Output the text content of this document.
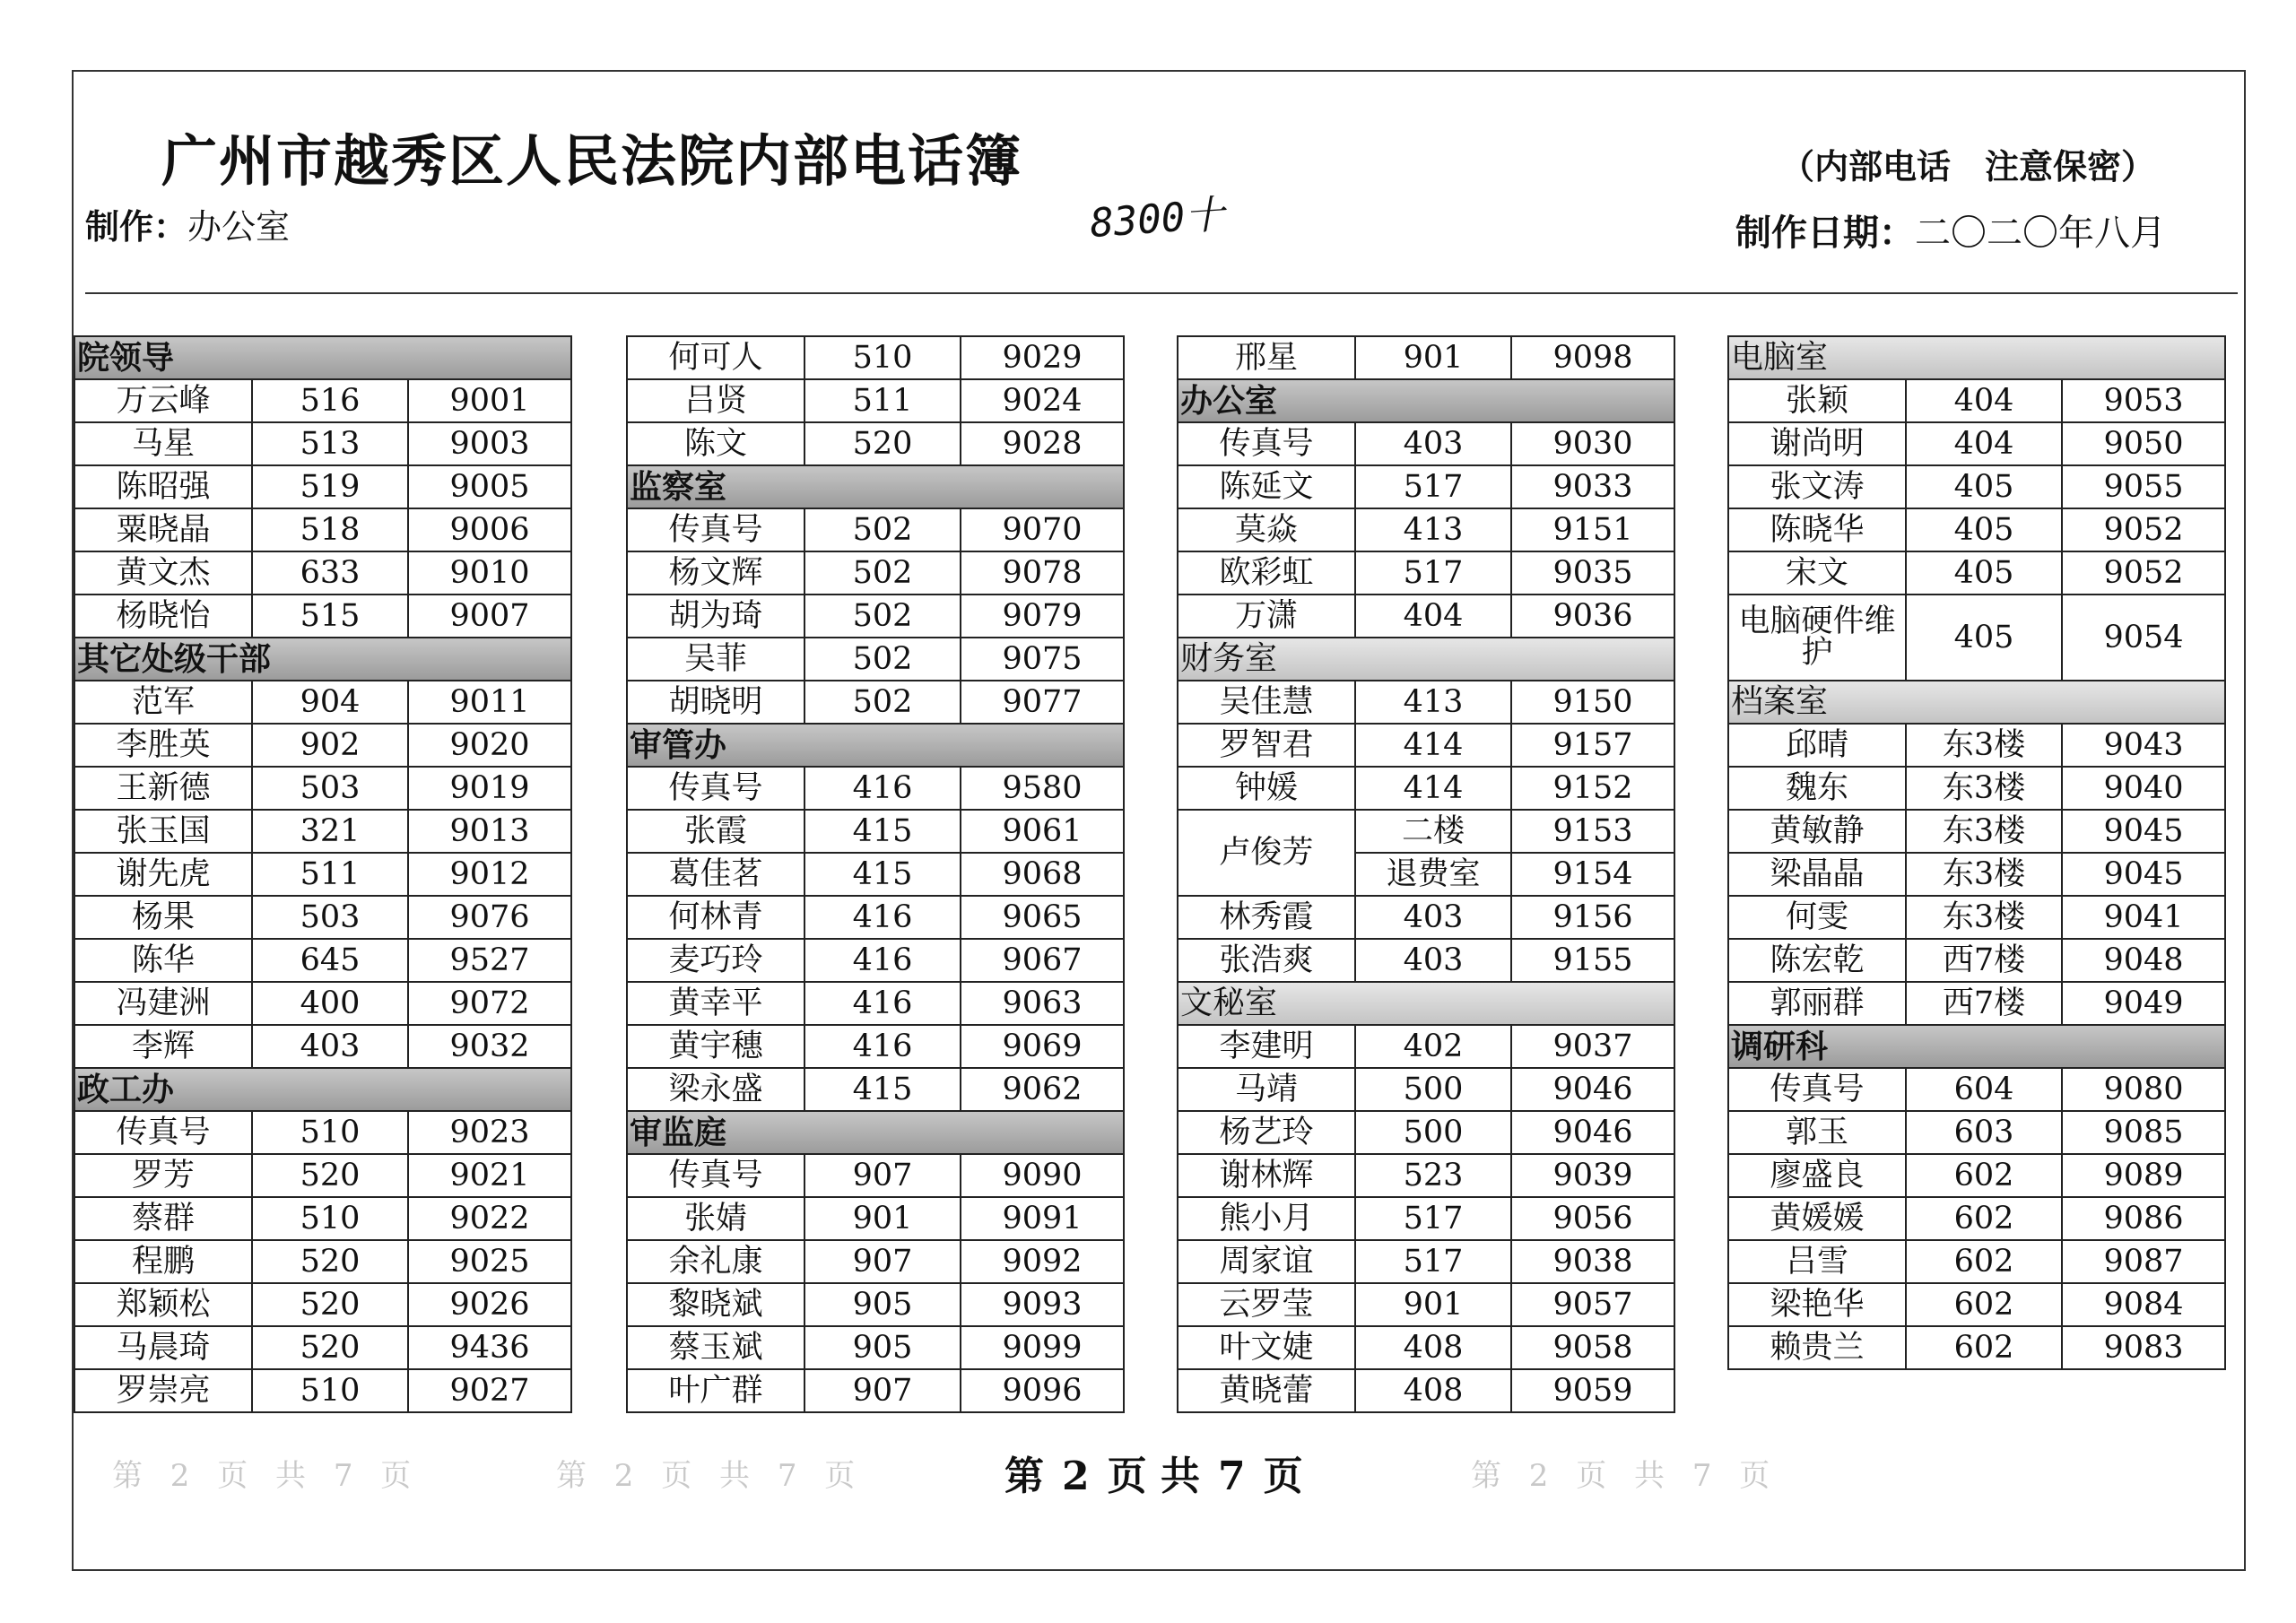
广州市越秀区人民法院内部电话簿	（内部电话　注意保密）
制作：办公室	制作日期：二〇二〇年八月
8300十
院领导		
万云峰	516	9001
马星	513	9003
陈昭强	519	9005
粟晓晶	518	9006
黄文杰	633	9010
杨晓怡	515	9007
其它处级干部		
范军	904	9011
李胜英	902	9020
王新德	503	9019
张玉国	321	9013
谢先虎	511	9012
杨果	503	9076
陈华	645	9527
冯建洲	400	9072
李辉	403	9032
政工办		
传真号	510	9023
罗芳	520	9021
蔡群	510	9022
程鹏	520	9025
郑颖松	520	9026
马晨琦	520	9436
罗崇亮	510	9027
何可人	510	9029
吕贤	511	9024
陈文	520	9028
监察室		
传真号	502	9070
杨文辉	502	9078
胡为琦	502	9079
吴菲	502	9075
胡晓明	502	9077
审管办		
传真号	416	9580
张霞	415	9061
葛佳茗	415	9068
何林青	416	9065
麦巧玲	416	9067
黄幸平	416	9063
黄宇穗	416	9069
梁永盛	415	9062
审监庭		
传真号	907	9090
张婧	901	9091
余礼康	907	9092
黎晓斌	905	9093
蔡玉斌	905	9099
叶广群	907	9096
邢星	901	9098
办公室		
传真号	403	9030
陈延文	517	9033
莫焱	413	9151
欧彩虹	517	9035
万潇	404	9036
财务室		
吴佳慧	413	9150
罗智君	414	9157
钟媛	414	9152
卢俊芳	二楼	9153
	退费室	9154
林秀霞	403	9156
张浩爽	403	9155
文秘室		
李建明	402	9037
马靖	500	9046
杨艺玲	500	9046
谢林辉	523	9039
熊小月	517	9056
周家谊	517	9038
云罗莹	901	9057
叶文婕	408	9058
黄晓蕾	408	9059
电脑室		
张颖	404	9053
谢尚明	404	9050
张文涛	405	9055
陈晓华	405	9052
宋文	405	9052
电脑硬件维护	405	9054
档案室		
邱晴	东3楼	9043
魏东	东3楼	9040
黄敏静	东3楼	9045
梁晶晶	东3楼	9045
何雯	东3楼	9041
陈宏乾	西7楼	9048
郭丽群	西7楼	9049
调研科		
传真号	604	9080
郭玉	603	9085
廖盛良	602	9089
黄媛媛	602	9086
吕雪	602	9087
梁艳华	602	9084
赖贵兰	602	9083
第 2 页 共 7 页	第 2 页 共 7 页	第 2 页 共 7 页
第 2 页 共 7 页
